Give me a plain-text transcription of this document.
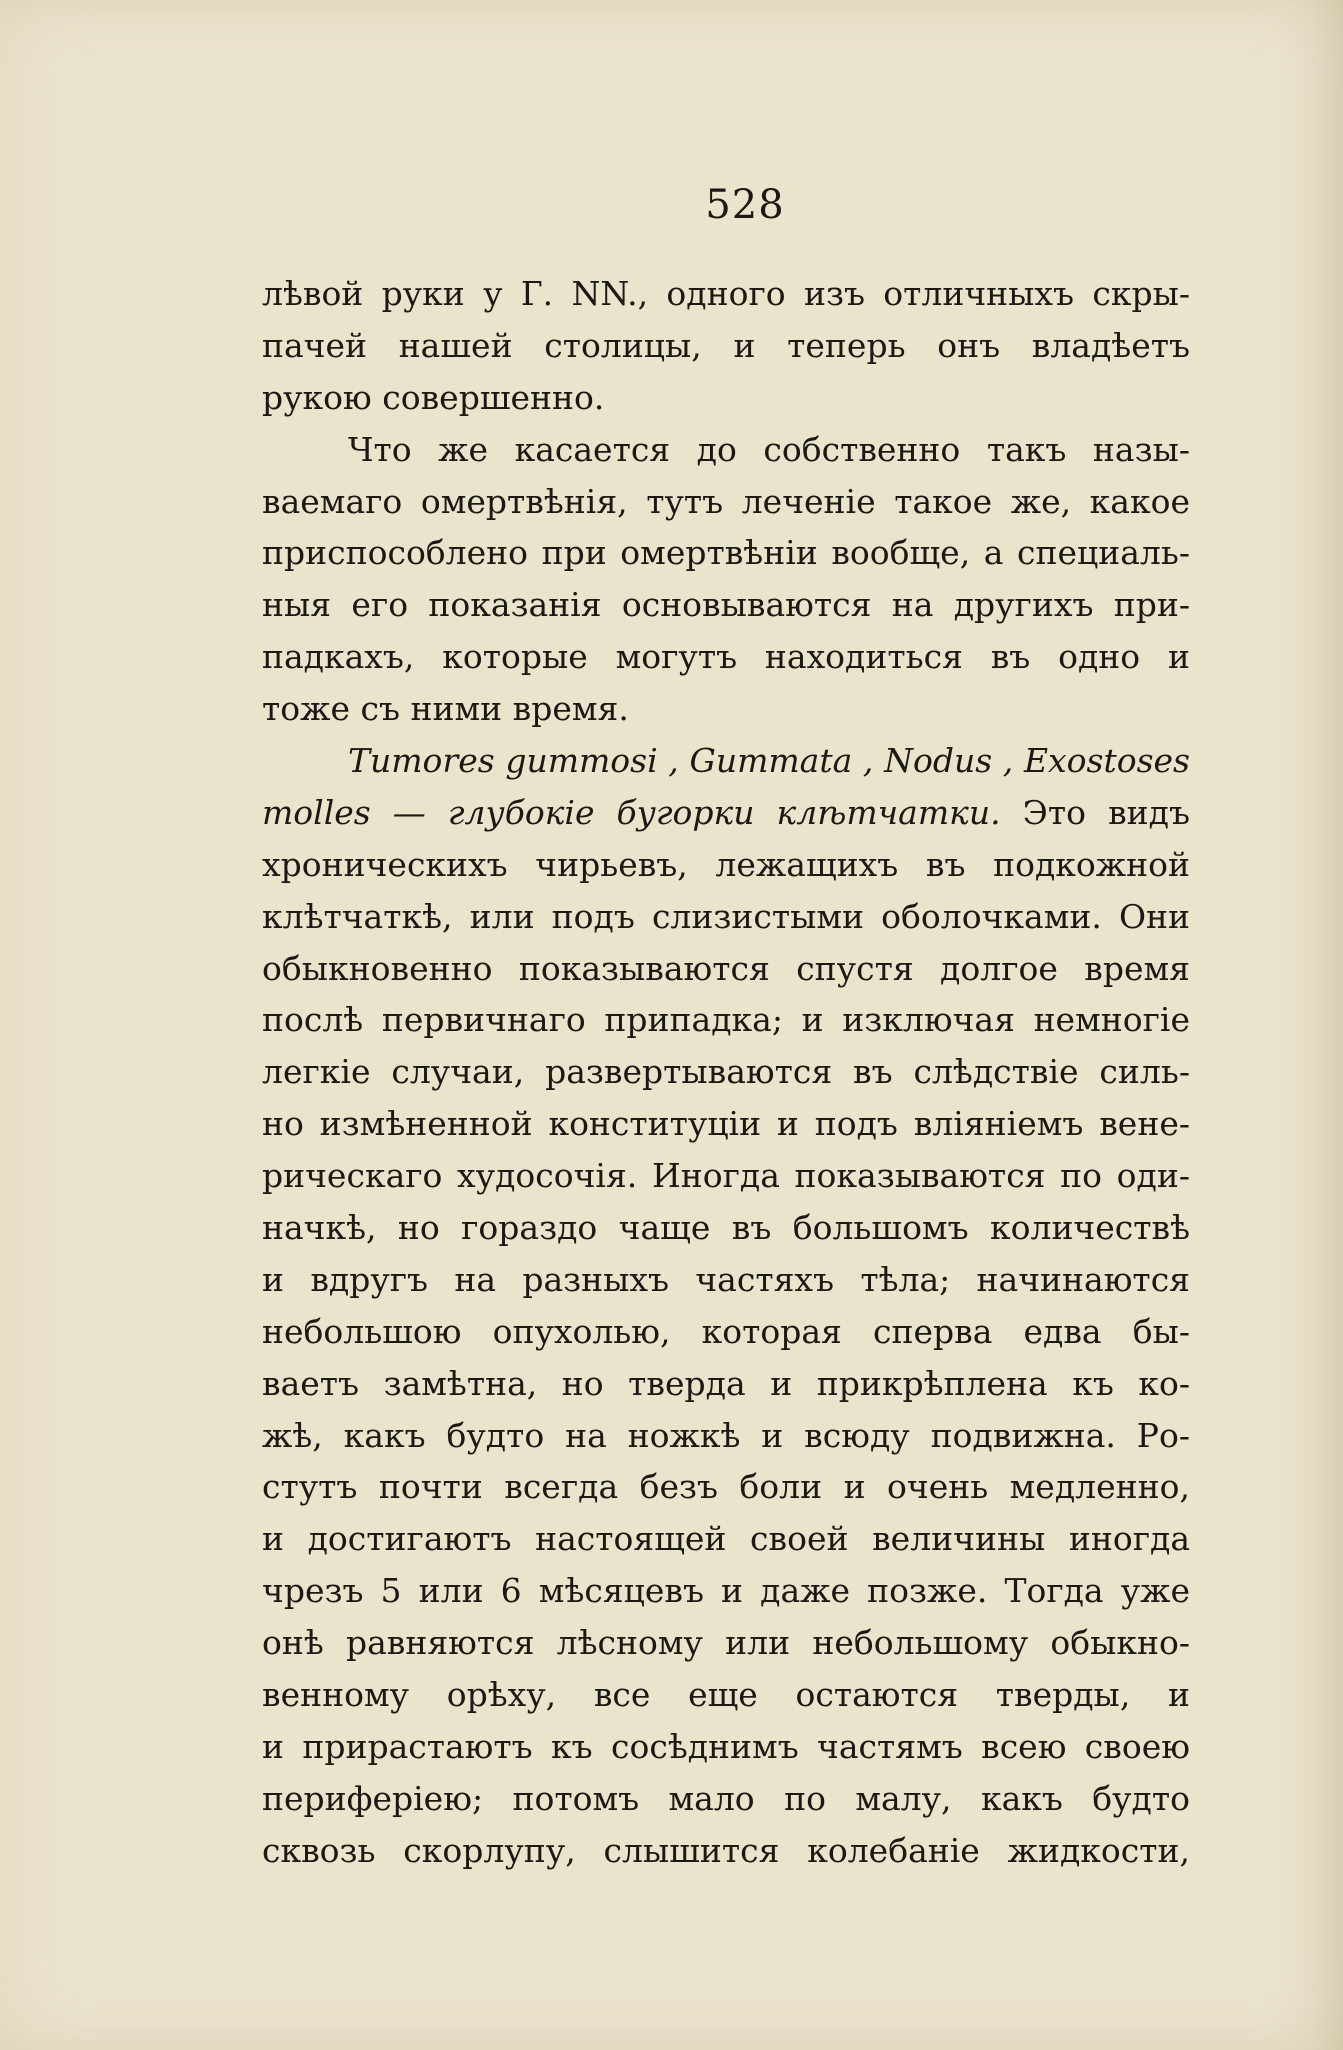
528
лѣвой руки у Г. NN., одного изъ отличныхъ скры-
пачей нашей столицы, и теперь онъ владѣетъ
рукою совершенно.
Что же касается до собственно такъ назы-
ваемаго омертвѣнія, тутъ леченіе такое же, какое
приспособлено при омертвѣніи вообще, а специаль-
ныя его показанія основываются на другихъ при-
падкахъ, которые могутъ находиться въ одно и
тоже съ ними время.
Tumores gummosi , Gummata , Nodus , Exostoses
molles — глубокіе бугорки клѣтчатки. Это видъ
хроническихъ чирьевъ, лежащихъ въ подкожной
клѣтчаткѣ, или подъ слизистыми оболочками. Они
обыкновенно показываются спустя долгое время
послѣ первичнаго припадка; и изключая немногіе
легкіе случаи, развертываются въ слѣдствіе силь-
но измѣненной конституціи и подъ вліяніемъ вене-
рическаго худосочія. Иногда показываются по оди-
начкѣ, но гораздо чаще въ большомъ количествѣ
и вдругъ на разныхъ частяхъ тѣла; начинаются
небольшою опухолью, которая сперва едва бы-
ваетъ замѣтна, но тверда и прикрѣплена къ ко-
жѣ, какъ будто на ножкѣ и всюду подвижна. Ро-
стутъ почти всегда безъ боли и очень медленно,
и достигаютъ настоящей своей величины иногда
чрезъ 5 или 6 мѣсяцевъ и даже позже. Тогда уже
онѣ равняются лѣсному или небольшому обыкно-
венному орѣху, все еще остаются тверды, и
и прирастаютъ къ сосѣднимъ частямъ всею своею
периферіею; потомъ мало по малу, какъ будто
сквозь скорлупу, слышится колебаніе жидкости,
